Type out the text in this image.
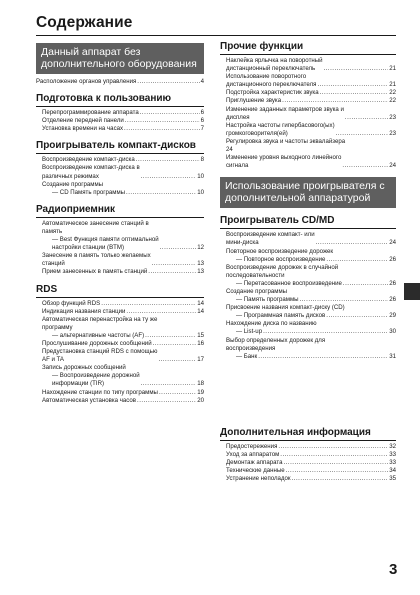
Содержание
Данный аппарат без дополнительного оборудования
Расположение органов управления .....	4
Подготовка к пользованию
Перепрограммирование аппарата .....	6
Отделение передней панели .....	6
Установка времени на часах .....	7
Проигрыватель компакт-дисков
Воспроизведение компакт-диска .....	8
Воспроизведение компакт-диска в
различных режимах .....	10
Создание программы
— CD Память программы .....	10
Радиоприемник
Автоматическое занесение станций в
память
— Best Функция памяти оптимальной
настройки станции (BTM) .....	12
Занесение в память только желаемых
станций .....	13
Прием занесенных в память станций .....	13
RDS
Обзор функций RDS .....	14
Индикация названия станции .....	14
Автоматическая перенастройка на ту же
программу
— альтернативные частоты (AF) .....	15
Прослушивание дорожных сообщений .....	16
Предустановка станций RDS с помощью
AF и TA .....	17
Запись дорожных сообщений
— Воспроизведение дорожной
информации (TIR) .....	18
Нахождение станции по типу программы .....	19
Автоматическая установка часов .....	20
Прочие функции
Наклейка ярлычка на поворотный
дистанционный переключатель .....	21
Использование поворотного
дистанционного переключателя .....	21
Подстройка характеристик звука .....	22
Приглушение звука .....	22
Изменение заданных параметров звука и
дисплея .....	23
Настройка частоты гипербасового(ых)
громкоговорителя(ей) .....	23
Регулировка звука и частоты эквалайзера
24
Изменение уровня выходного линейного
сигнала .....	24
Использование проигрывателя с дополнительной аппаратурой
Проигрыватель CD/MD
Воспроизведение компакт- или
мини-диска .....	24
Повторное воспроизведение дорожек
— Повторное воспроизведение .....	26
Воспроизведение дорожек в случайной
последовательности
— Перетасованное воспроизведение .....	26
Создание программы
— Память программы .....	26
Присвоение названия компакт-диску (CD)
— Программная память дисков .....	29
Нахождение диска по названию
— List-up .....	30
Выбор определенных дорожек для
воспроизведения
— Банк .....	31
Дополнительная информация
Предостережения .....	32
Уход за аппаратом .....	33
Демонтаж аппарата .....	33
Технические данные .....	34
Устранение неполадок .....	35
3
